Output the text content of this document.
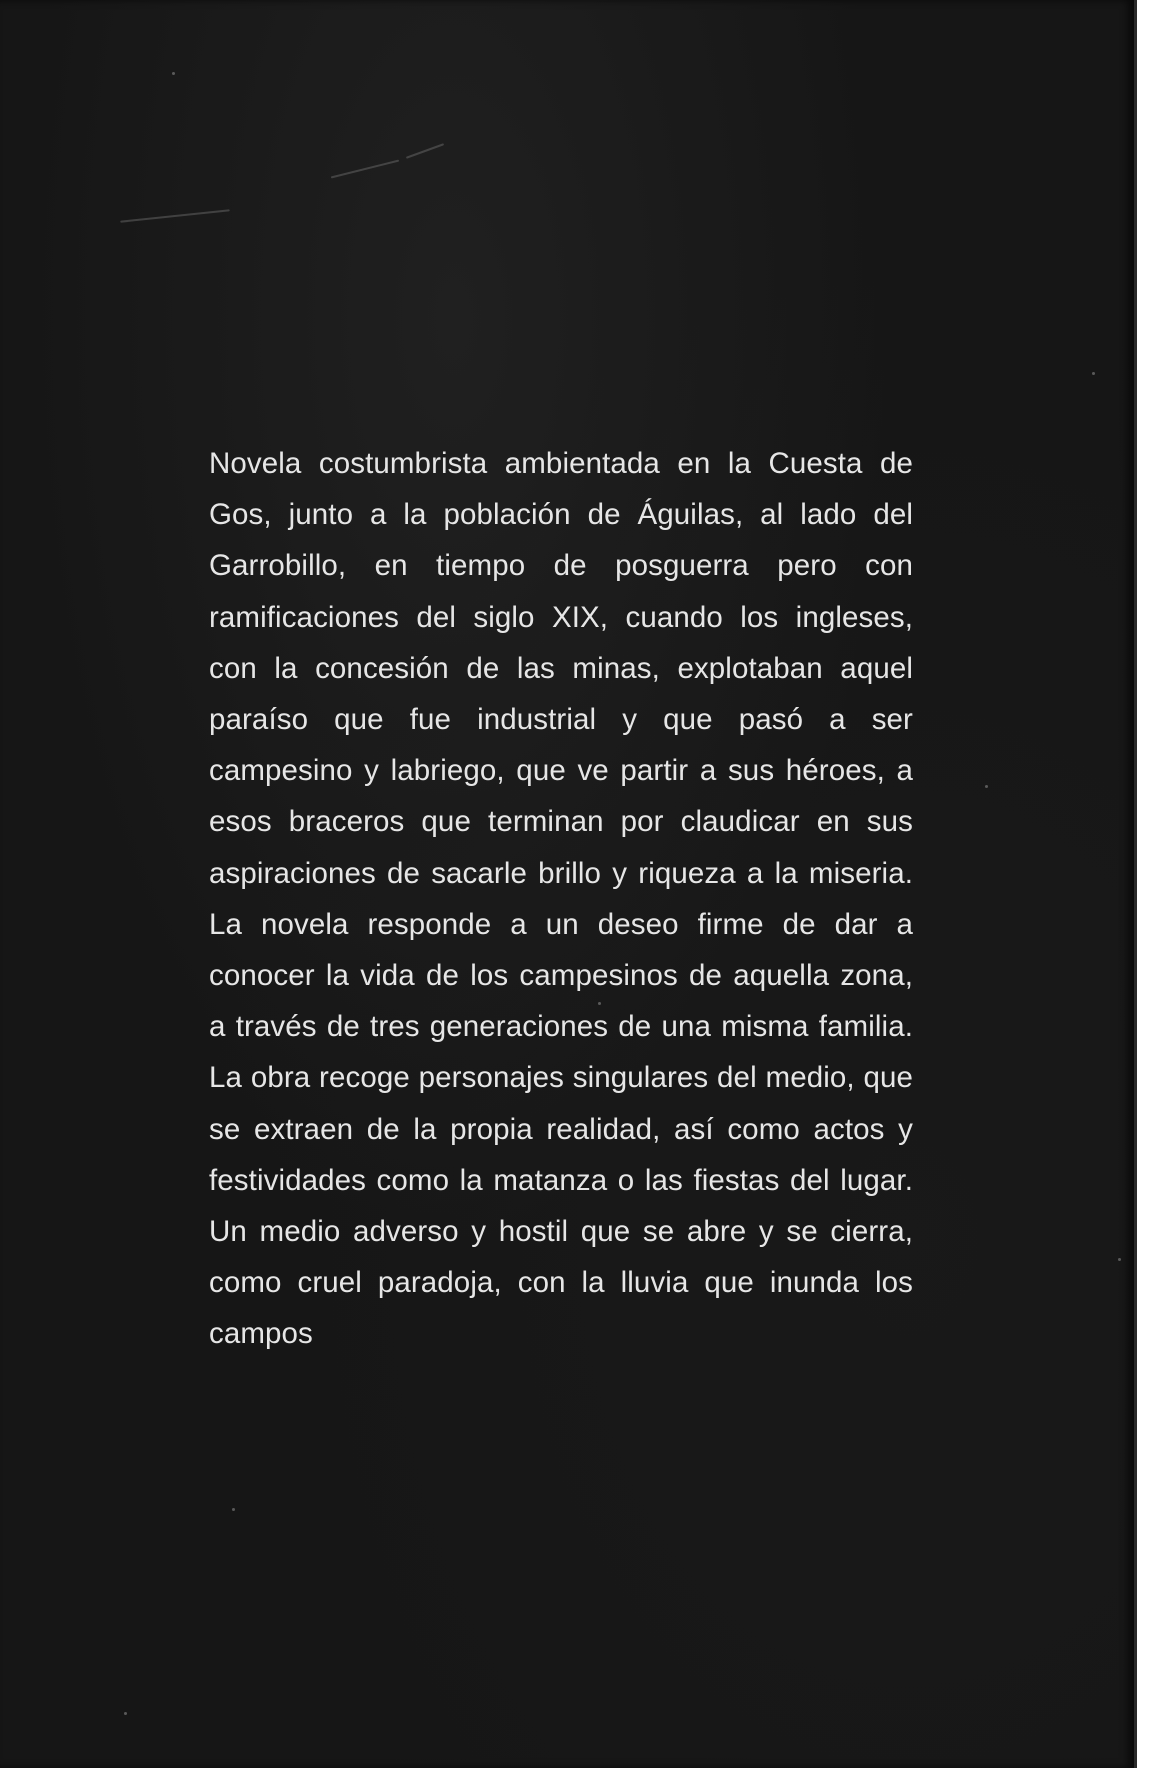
Novela costumbrista ambientada en la Cuesta de Gos, junto a la población de Águilas, al lado del Garrobillo, en tiempo de posguerra pero con ramificaciones del siglo XIX, cuando los ingleses, con la concesión de las minas, explotaban aquel paraíso que fue industrial y que pasó a ser campesino y labriego, que ve partir a sus héroes, a esos braceros que terminan por claudicar en sus aspiraciones de sacarle brillo y riqueza a la miseria. La novela responde a un deseo firme de dar a conocer la vida de los campesinos de aquella zona, a través de tres generaciones de una misma familia. La obra recoge personajes singulares del medio, que se extraen de la propia realidad, así como actos y festividades como la matanza o las fiestas del lugar. Un medio adverso y hostil que se abre y se cierra, como cruel paradoja, con la lluvia que inunda los campos
